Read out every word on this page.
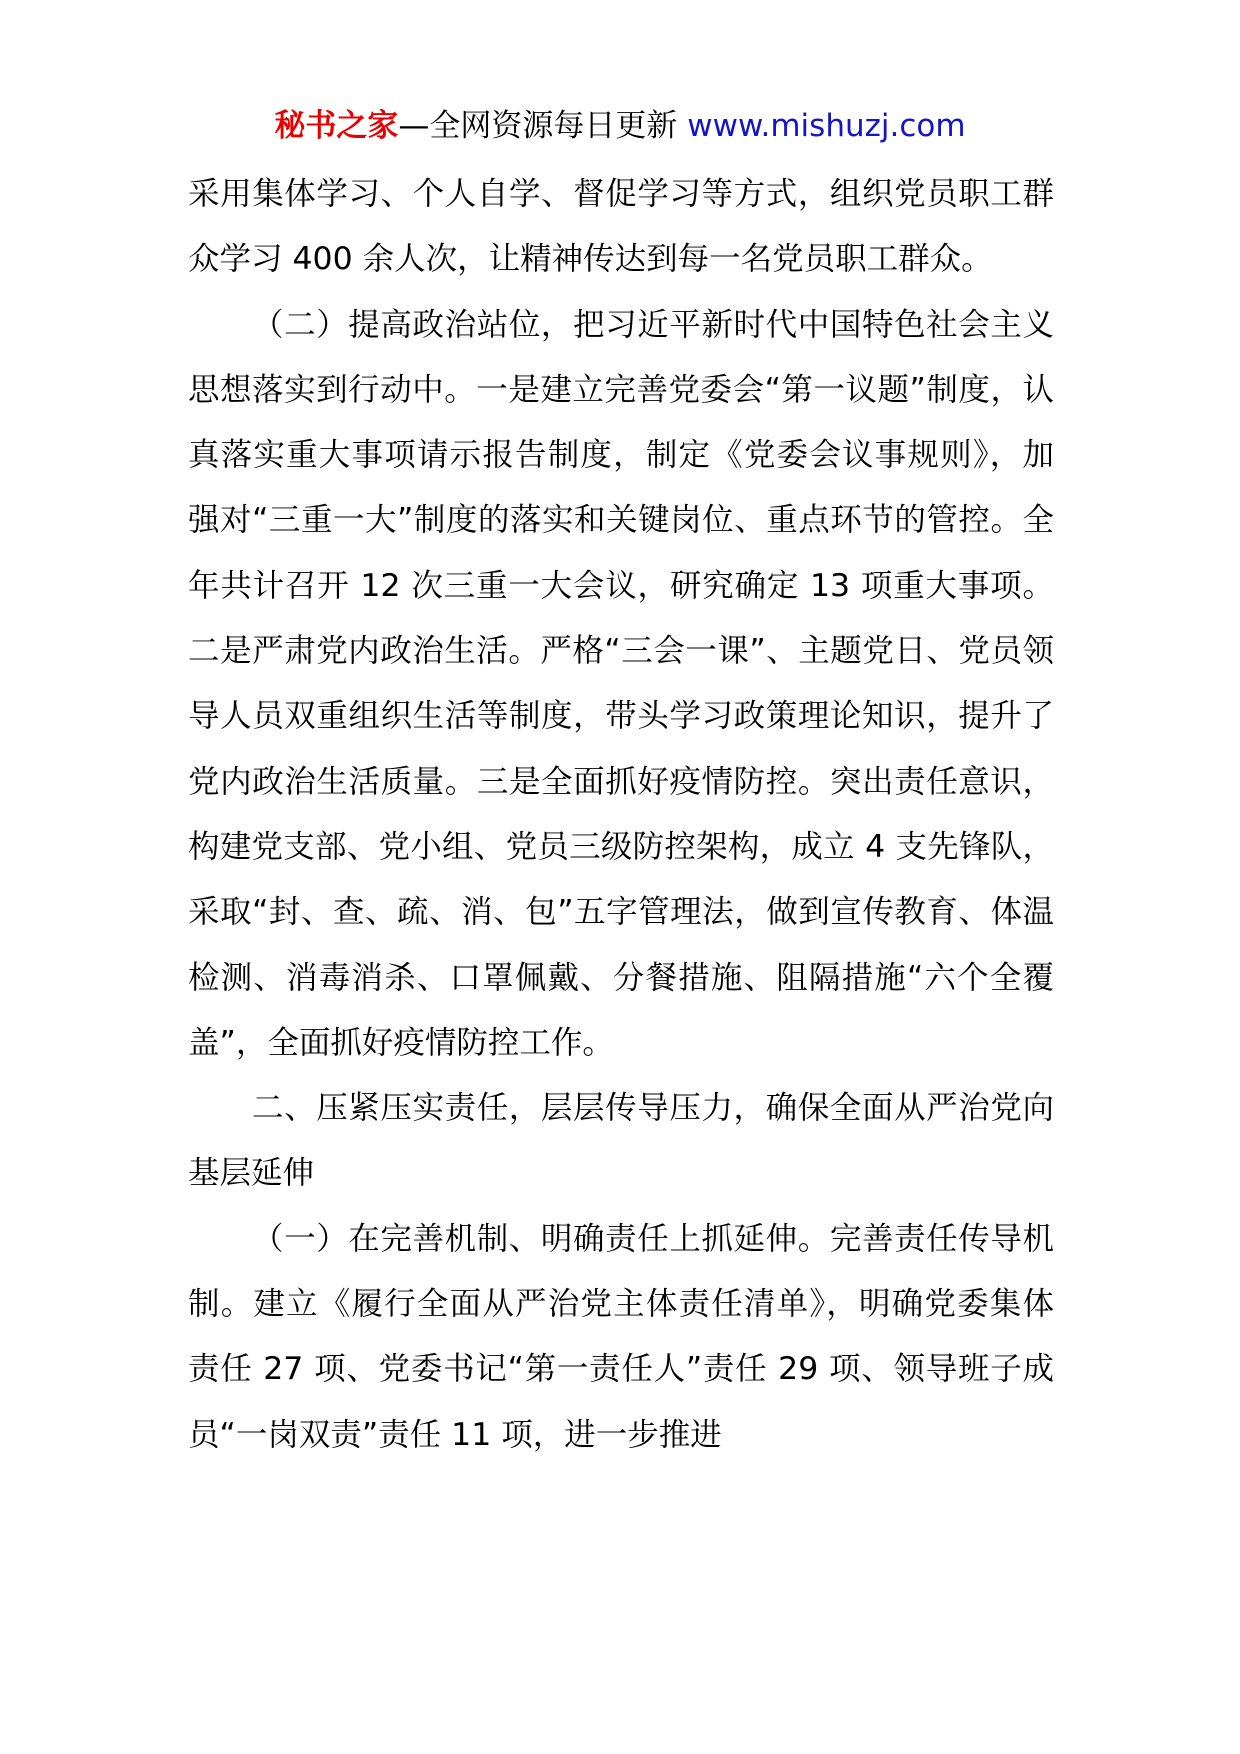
秘书之家—全网资源每日更新 www.mishuzj.com

采用集体学习、个人自学、督促学习等方式，组织党员职工群众学习 400 余人次，让精神传达到每一名党员职工群众。

（二）提高政治站位，把习近平新时代中国特色社会主义思想落实到行动中。一是建立完善党委会“第一议题”制度，认真落实重大事项请示报告制度，制定《党委会议事规则》，加强对“三重一大”制度的落实和关键岗位、重点环节的管控。全年共计召开 12 次三重一大会议，研究确定 13 项重大事项。二是严肃党内政治生活。严格“三会一课”、主题党日、党员领导人员双重组织生活等制度，带头学习政策理论知识，提升了党内政治生活质量。三是全面抓好疫情防控。突出责任意识，构建党支部、党小组、党员三级防控架构，成立 4 支先锋队，采取“封、查、疏、消、包”五字管理法，做到宣传教育、体温检测、消毒消杀、口罩佩戴、分餐措施、阻隔措施“六个全覆盖”，全面抓好疫情防控工作。

二、压紧压实责任，层层传导压力，确保全面从严治党向基层延伸

（一）在完善机制、明确责任上抓延伸。完善责任传导机制。建立《履行全面从严治党主体责任清单》，明确党委集体责任 27 项、党委书记“第一责任人”责任 29 项、领导班子成员“一岗双责”责任 11 项，进一步推进
